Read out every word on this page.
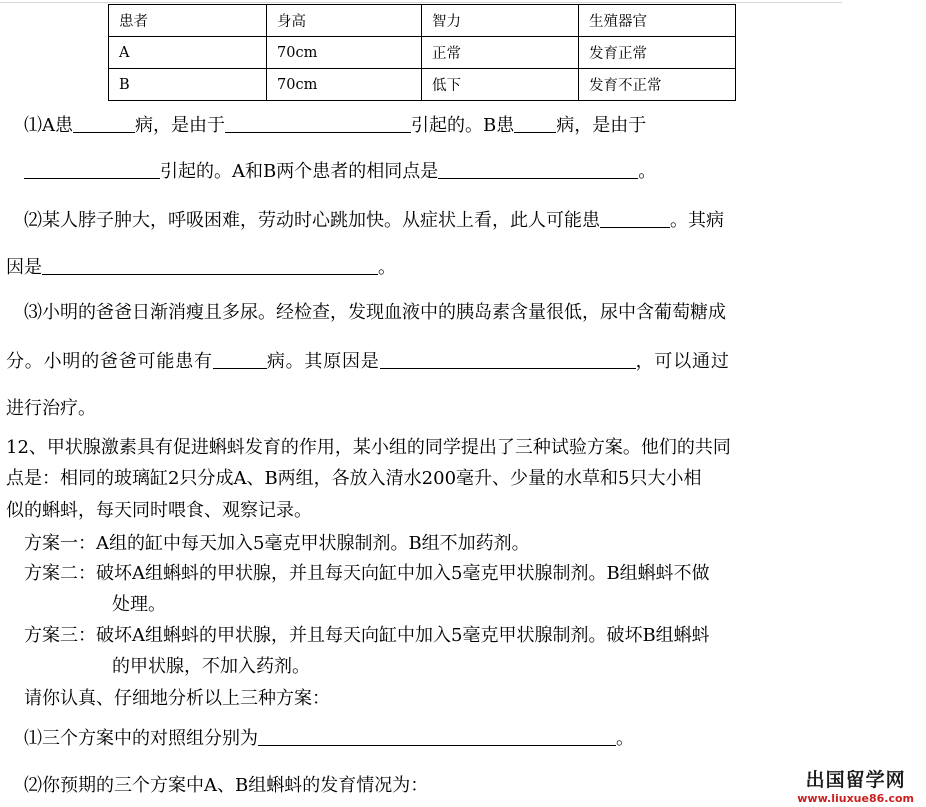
患者	身高	智力	生殖器官
A	70cm	正常	发育正常
B	70cm	低下	发育不正常
⑴A患	病，是由于	引起的。B患 病，是由于
引起的。A和B两个患者的相同点是	。
⑵某人脖子肿大，呼吸困难，劳动时心跳加快。从症状上看，此人可能患	。其病
因是	。
⑶小明的爸爸日渐消瘦且多尿。经检查，发现血液中的胰岛素含量很低，尿中含葡萄糖成
分。小明的爸爸可能患有	病。其原因是	，可以通过
进行治疗。
12、甲状腺激素具有促进蝌蚪发育的作用，某小组的同学提出了三种试验方案。他们的共同
点是：相同的玻璃缸2只分成A、B两组，各放入清水200毫升、少量的水草和5只大小相
似的蝌蚪，每天同时喂食、观察记录。
方案一：A组的缸中每天加入5毫克甲状腺制剂。B组不加药剂。
方案二：破坏A组蝌蚪的甲状腺，并且每天向缸中加入5毫克甲状腺制剂。B组蝌蚪不做
处理。
方案三：破坏A组蝌蚪的甲状腺，并且每天向缸中加入5毫克甲状腺制剂。破坏B组蝌蚪
的甲状腺，不加入药剂。
请你认真、仔细地分析以上三种方案：
⑴三个方案中的对照组分别为	。
⑵你预期的三个方案中A、B组蝌蚪的发育情况为：	出国留学网
www.liuxue86.com
